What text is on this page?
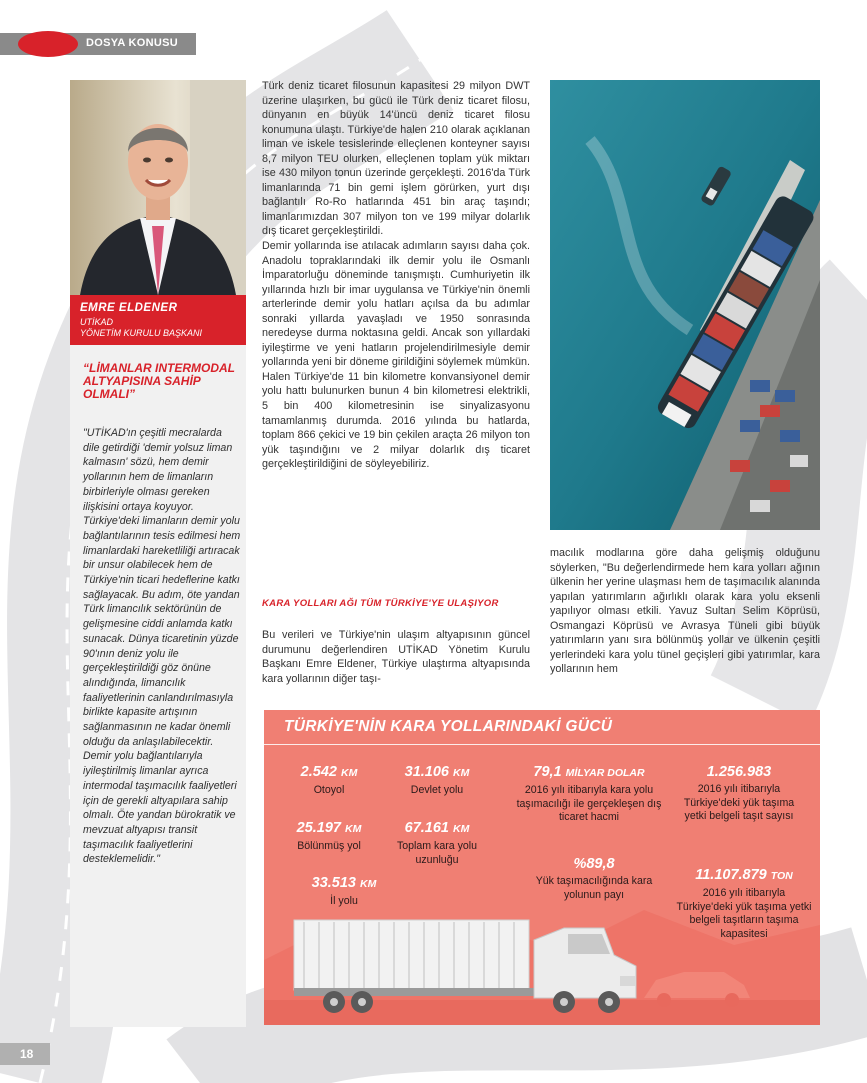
DOSYA KONUSU
EMRE ELDENER
UTİKAD
YÖNETİM KURULU BAŞKANI
“LİMANLAR INTERMODAL ALTYAPISINA SAHİP OLMALI”
"UTİKAD'ın çeşitli mecralarda dile getirdiği 'demir yolsuz liman kalmasın' sözü, hem demir yollarının hem de limanların birbirleriyle olması gereken ilişkisini ortaya koyuyor. Türkiye'deki limanların demir yolu bağlantılarının tesis edilmesi hem limanlardaki hareketliliği artıracak bir unsur olabilecek hem de Türkiye'nin ticari hedeflerine katkı sağlayacak. Bu adım, öte yandan Türk limancılık sektörünün de gelişmesine ciddi anlamda katkı sunacak. Dünya ticaretinin yüzde 90'ının deniz yolu ile gerçekleştirildiği göz önüne alındığında, limancılık faaliyetlerinin canlandırılmasıyla birlikte kapasite artışının sağlanmasının ne kadar önemli olduğu da anlaşılabilecektir. Demir yolu bağlantılarıyla iyileştirilmiş limanlar ayrıca intermodal taşımacılık faaliyetleri için de gerekli altyapılara sahip olmalı. Öte yandan bürokratik ve mevzuat altyapısı transit taşımacılık faaliyetlerini desteklemelidir."

Türk deniz ticaret filosunun kapasitesi 29 milyon DWT üzerine ulaşırken, bu gücü ile Türk deniz ticaret filosu, dünyanın en büyük 14'üncü deniz ticaret filosu konumuna ulaştı. Türkiye'de halen 210 olarak açıklanan liman ve iskele tesislerinde elleçlenen konteyner sayısı 8,7 milyon TEU olurken, elleçlenen toplam yük miktarı ise 430 milyon tonun üzerinde gerçekleşti. 2016'da Türk limanlarında 71 bin gemi işlem görürken, yurt dışı bağlantılı Ro-Ro hatlarında 451 bin araç taşındı; limanlarımızdan 307 milyon ton ve 199 milyar dolarlık dış ticaret gerçekleştirildi.

Demir yollarında ise atılacak adımların sayısı daha çok. Anadolu topraklarındaki ilk demir yolu ile Osmanlı İmparatorluğu döneminde tanışmıştı. Cumhuriyetin ilk yıllarında hızlı bir imar uygulansa ve Türkiye'nin önemli arterlerinde demir yolu hatları açılsa da bu adımlar sonraki yıllarda yavaşladı ve 1950 sonrasında neredeyse durma noktasına geldi. Ancak son yıllardaki iyileştirme ve yeni hatların projelendirilmesiyle demir yollarında yeni bir döneme girildiğini söylemek mümkün. Halen Türkiye'de 11 bin kilometre konvansiyonel demir yolu hattı bulunurken bunun 4 bin kilometresi elektrikli, 5 bin 400 kilometresinin ise sinyalizasyonu tamamlanmış durumda. 2016 yılında bu hatlarda, toplam 866 çekici ve 19 bin çekilen araçta 26 milyon ton yük taşındığını ve 2 milyar dolarlık dış ticaret gerçekleştirildiğini de söyleyebiliriz.

KARA YOLLARI AĞI TÜM TÜRKİYE'YE ULAŞIYOR
Bu verileri ve Türkiye'nin ulaşım altyapısının güncel durumunu değerlendiren UTİKAD Yönetim Kurulu Başkanı Emre Eldener, Türkiye ulaştırma altyapısında kara yollarının diğer taşı-
macılık modlarına göre daha gelişmiş olduğunu söylerken, "Bu değerlendirmede hem kara yolları ağının ülkenin her yerine ulaşması hem de taşımacılık alanında yapılan yatırımların ağırlıklı olarak kara yolu eksenli yapılıyor olması etkili. Yavuz Sultan Selim Köprüsü, Osmangazi Köprüsü ve Avrasya Tüneli gibi büyük yatırımların yanı sıra bölünmüş yollar ve ülkenin çeşitli yerlerindeki kara yolu tünel geçişleri gibi yatırımlar, kara yollarının hem
TÜRKİYE'NİN KARA YOLLARINDAKİ GÜCÜ
2.542 KM
Otoyol
25.197 KM
Bölünmüş yol
33.513 KM
İl yolu
31.106 KM
Devlet yolu
67.161 KM
Toplam kara yolu uzunluğu
79,1 MİLYAR DOLAR
2016 yılı itibarıyla kara yolu taşımacılığı ile gerçekleşen dış ticaret hacmi
%89,8
Yük taşımacılığında kara yolunun payı
1.256.983
2016 yılı itibarıyla Türkiye'deki yük taşıma yetki belgeli taşıt sayısı
11.107.879 TON
2016 yılı itibarıyla Türkiye'deki yük taşıma yetki belgeli taşıtların taşıma kapasitesi
18
